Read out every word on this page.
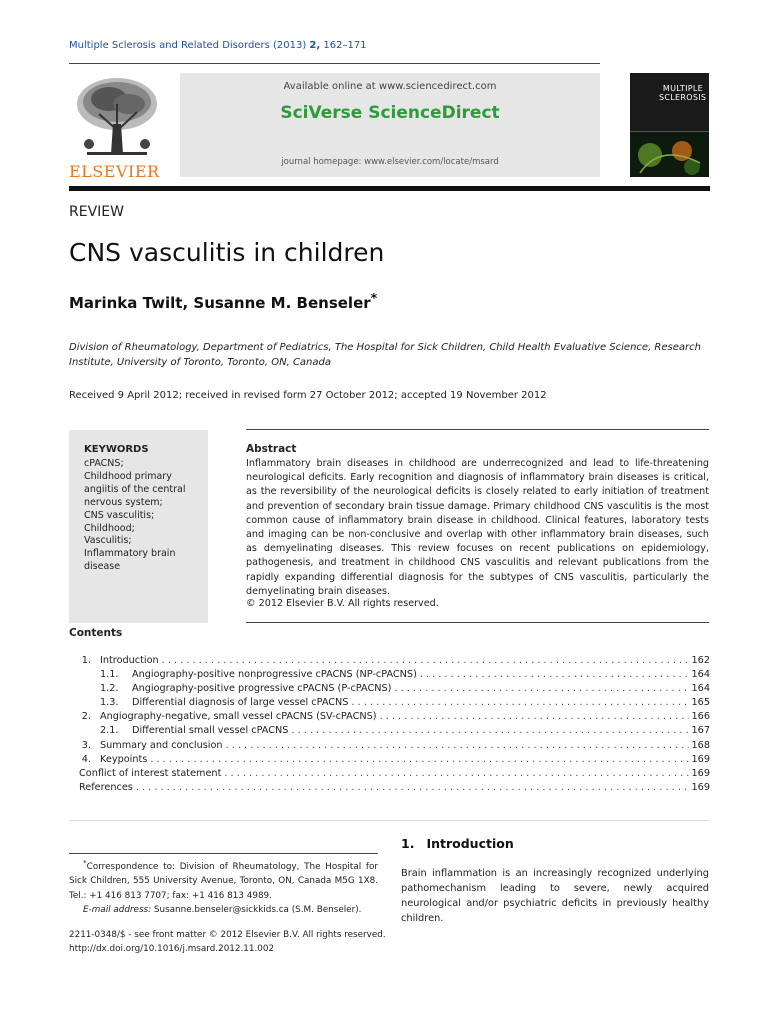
Multiple Sclerosis and Related Disorders (2013) 2, 162–171
ELSEVIER
Available online at www.sciencedirect.com
SciVerse ScienceDirect
journal homepage: www.elsevier.com/locate/msard
MULTIPLE SCLEROSIS
REVIEW
CNS vasculitis in children
Marinka Twilt, Susanne M. Benseler*
Division of Rheumatology, Department of Pediatrics, The Hospital for Sick Children, Child Health Evaluative Science, Research Institute, University of Toronto, Toronto, ON, Canada
Received 9 April 2012; received in revised form 27 October 2012; accepted 19 November 2012
KEYWORDS
cPACNS;
Childhood primary angiitis of the central nervous system;
CNS vasculitis;
Childhood;
Vasculitis;
Inflammatory brain disease
Abstract
Inflammatory brain diseases in childhood are underrecognized and lead to life-threatening neurological deficits. Early recognition and diagnosis of inflammatory brain diseases is critical, as the reversibility of the neurological deficits is closely related to early initiation of treatment and prevention of secondary brain tissue damage. Primary childhood CNS vasculitis is the most common cause of inflammatory brain disease in childhood. Clinical features, laboratory tests and imaging can be non-conclusive and overlap with other inflammatory brain diseases, such as demyelinating diseases. This review focuses on recent publications on epidemiology, pathogenesis, and treatment in childhood CNS vasculitis and relevant publications from the rapidly expanding differential diagnosis for the subtypes of CNS vasculitis, particularly the demyelinating brain diseases.
© 2012 Elsevier B.V. All rights reserved.
Contents
1. Introduction . . .	162
1.1.	Angiography-positive nonprogressive cPACNS (NP-cPACNS) . . .	164
1.2.	Angiography-positive progressive cPACNS (P-cPACNS) . . .	164
1.3.	Differential diagnosis of large vessel cPACNS . . .	165
2. Angiography-negative, small vessel cPACNS (SV-cPACNS) . . .	166
2.1.	Differential small vessel cPACNS . . .	167
3. Summary and conclusion . . .	168
4. Keypoints . . .	169
Conflict of interest statement . . .	169
References . . .	169
*Correspondence to: Division of Rheumatology, The Hospital for Sick Children, 555 University Avenue, Toronto, ON, Canada M5G 1X8. Tel.: +1 416 813 7707; fax: +1 416 813 4989.
E-mail address: Susanne.benseler@sickkids.ca (S.M. Benseler).
2211-0348/$ - see front matter © 2012 Elsevier B.V. All rights reserved.
http://dx.doi.org/10.1016/j.msard.2012.11.002
1. Introduction
Brain inflammation is an increasingly recognized underlying pathomechanism leading to severe, newly acquired neurological and/or psychiatric deficits in previously healthy children.
